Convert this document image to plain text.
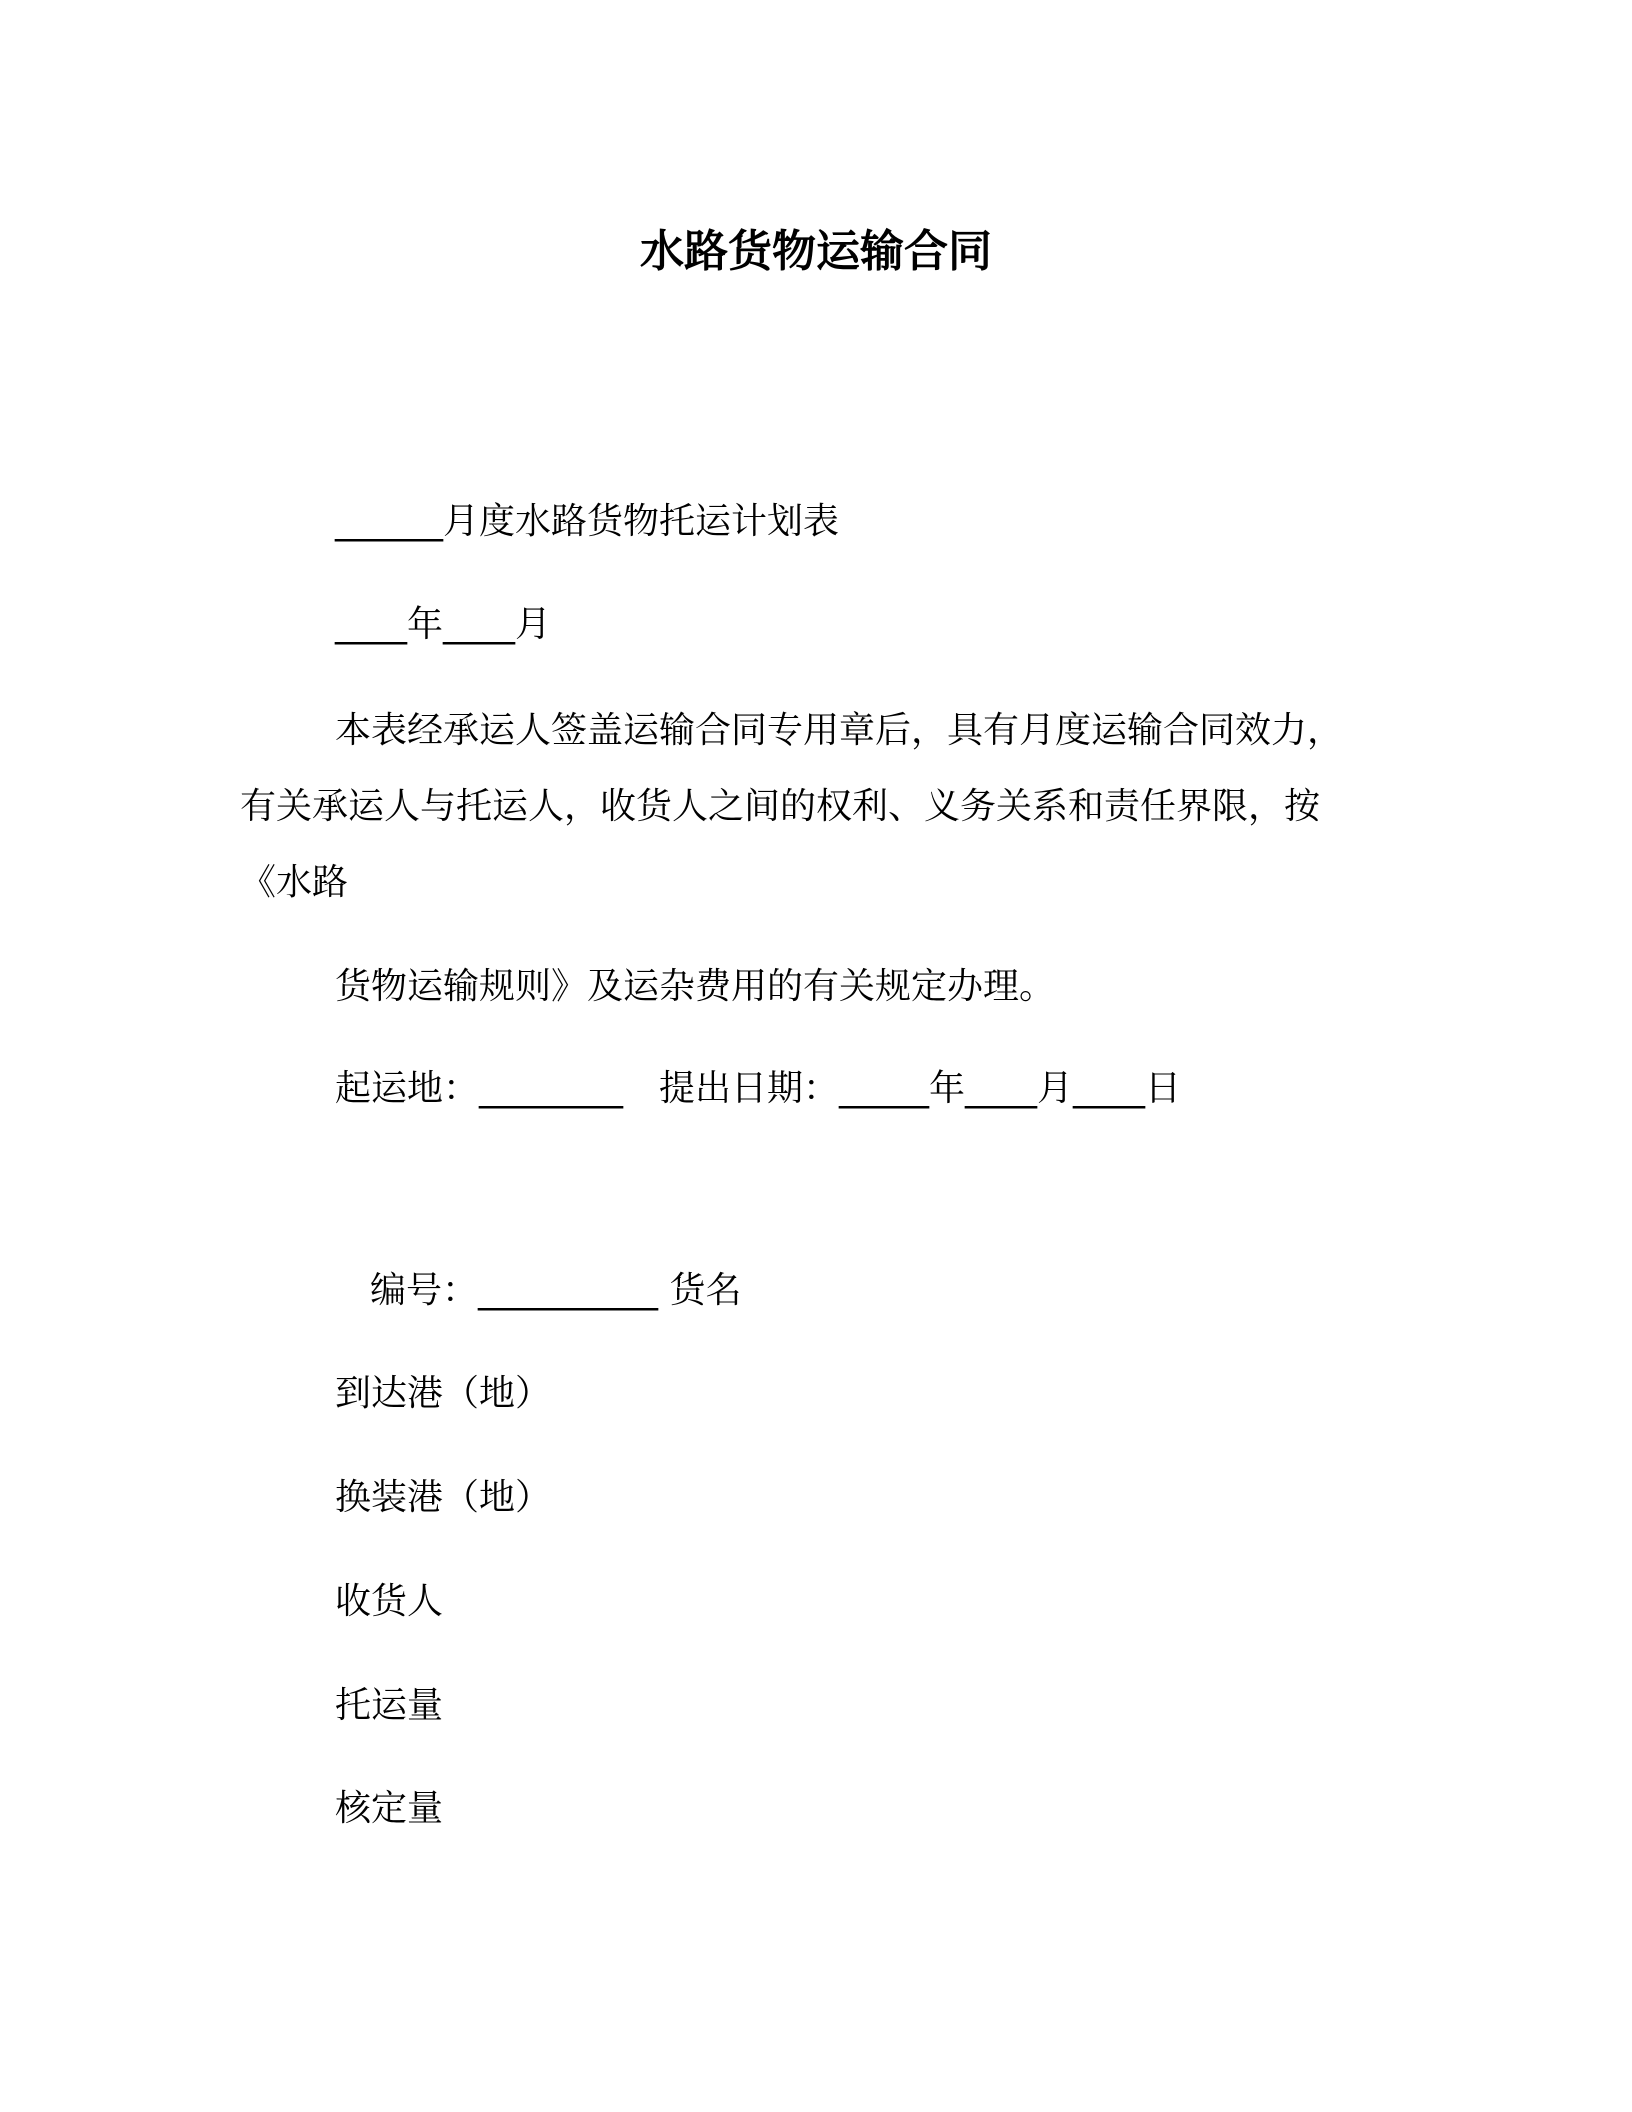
水路货物运输合同
______月度水路货物托运计划表
____年____月
本表经承运人签盖运输合同专用章后，具有月度运输合同效力，
有关承运人与托运人，收货人之间的权利、义务关系和责任界限，按
《水路
货物运输规则》及运杂费用的有关规定办理。
起运地：________ 提出日期：_____年____月____日
编号：__________ 货名
到达港（地）
换装港（地）
收货人
托运量
核定量
